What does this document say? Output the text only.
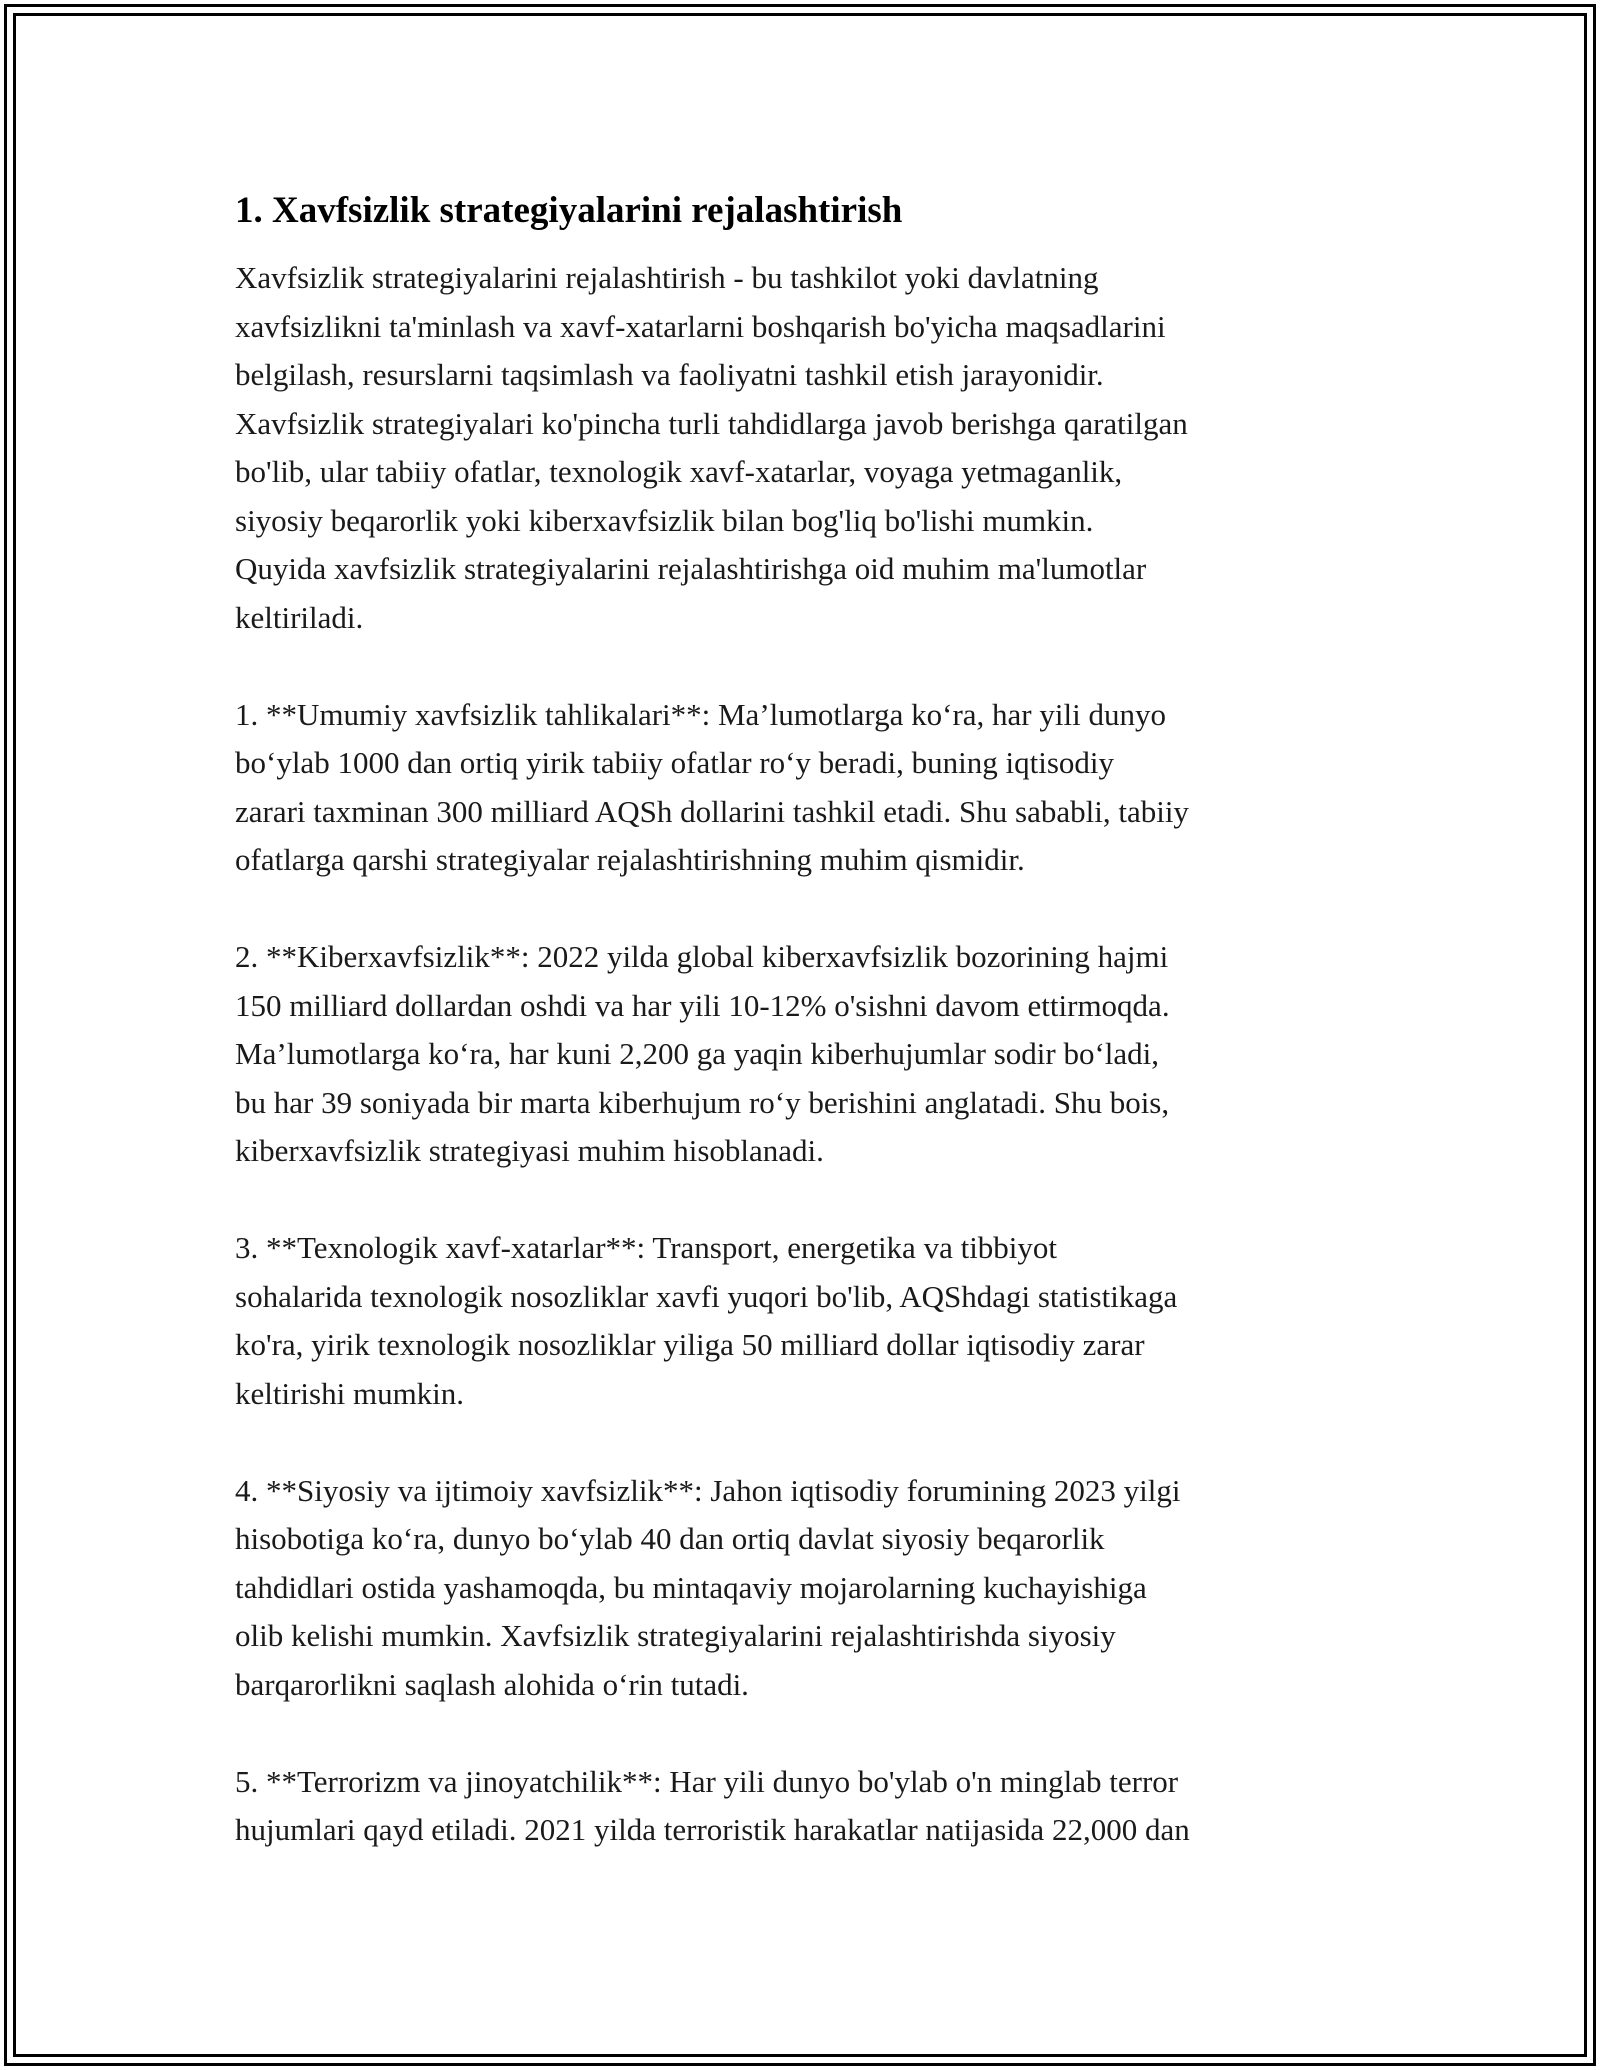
1. Xavfsizlik strategiyalarini rejalashtirish

Xavfsizlik strategiyalarini rejalashtirish - bu tashkilot yoki davlatning
xavfsizlikni ta'minlash va xavf-xatarlarni boshqarish bo'yicha maqsadlarini
belgilash, resurslarni taqsimlash va faoliyatni tashkil etish jarayonidir.
Xavfsizlik strategiyalari ko'pincha turli tahdidlarga javob berishga qaratilgan
bo'lib, ular tabiiy ofatlar, texnologik xavf-xatarlar, voyaga yetmaganlik,
siyosiy beqarorlik yoki kiberxavfsizlik bilan bog'liq bo'lishi mumkin.
Quyida xavfsizlik strategiyalarini rejalashtirishga oid muhim ma'lumotlar
keltiriladi.

1. **Umumiy xavfsizlik tahlikalari**: Ma’lumotlarga koʻra, har yili dunyo
boʻylab 1000 dan ortiq yirik tabiiy ofatlar roʻy beradi, buning iqtisodiy
zarari taxminan 300 milliard AQSh dollarini tashkil etadi. Shu sababli, tabiiy
ofatlarga qarshi strategiyalar rejalashtirishning muhim qismidir.

2. **Kiberxavfsizlik**: 2022 yilda global kiberxavfsizlik bozorining hajmi
150 milliard dollardan oshdi va har yili 10-12% o'sishni davom ettirmoqda.
Ma’lumotlarga koʻra, har kuni 2,200 ga yaqin kiberhujumlar sodir boʻladi,
bu har 39 soniyada bir marta kiberhujum roʻy berishini anglatadi. Shu bois,
kiberxavfsizlik strategiyasi muhim hisoblanadi.

3. **Texnologik xavf-xatarlar**: Transport, energetika va tibbiyot
sohalarida texnologik nosozliklar xavfi yuqori bo'lib, AQShdagi statistikaga
ko'ra, yirik texnologik nosozliklar yiliga 50 milliard dollar iqtisodiy zarar
keltirishi mumkin.

4. **Siyosiy va ijtimoiy xavfsizlik**: Jahon iqtisodiy forumining 2023 yilgi
hisobotiga koʻra, dunyo boʻylab 40 dan ortiq davlat siyosiy beqarorlik
tahdidlari ostida yashamoqda, bu mintaqaviy mojarolarning kuchayishiga
olib kelishi mumkin. Xavfsizlik strategiyalarini rejalashtirishda siyosiy
barqarorlikni saqlash alohida oʻrin tutadi.

5. **Terrorizm va jinoyatchilik**: Har yili dunyo bo'ylab o'n minglab terror
hujumlari qayd etiladi. 2021 yilda terroristik harakatlar natijasida 22,000 dan
